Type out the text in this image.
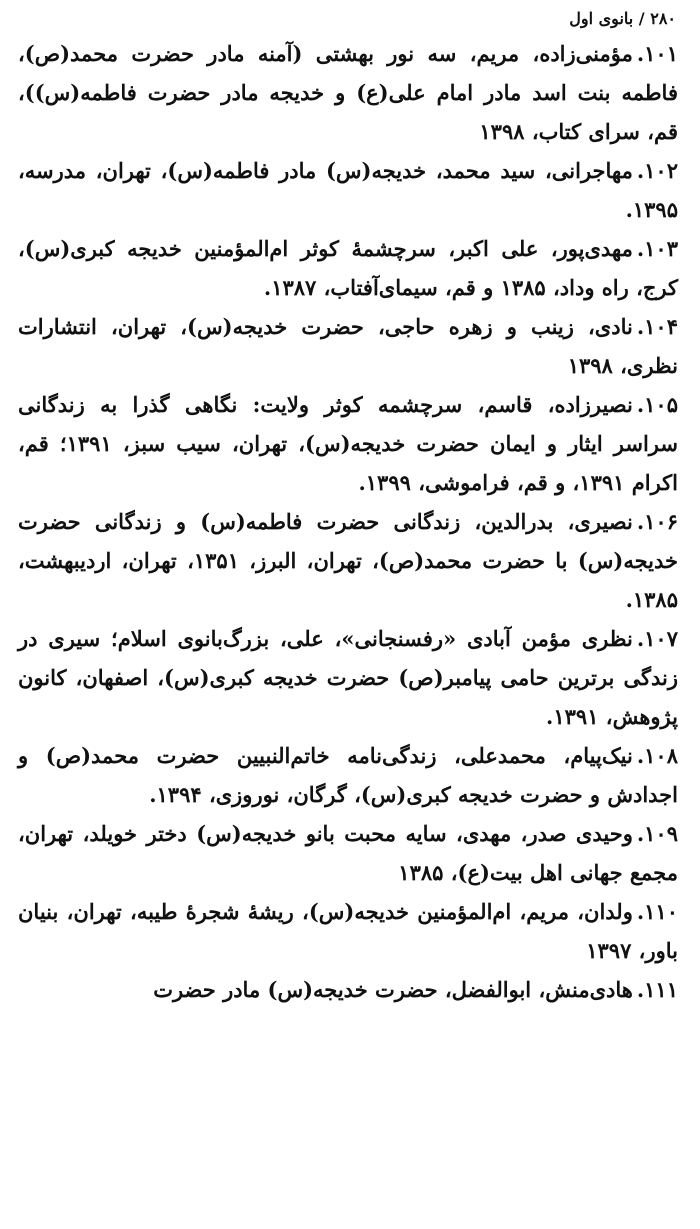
۲۸۰ / بانوی اول
۱۰۱ .مؤمنی‌زاده، مریم، سه نور بهشتی (آمنه مادر حضرت محمد(ص)، فاطمه بنت اسد مادر امام علی(ع) و خدیجه مادر حضرت فاطمه(س))، قم، سرای کتاب، ۱۳۹۸
۱۰۲ .مهاجرانی، سید محمد، خدیجه(س) مادر فاطمه(س)، تهران، مدرسه، ۱۳۹۵.
۱۰۳ .مهدی‌پور، علی اکبر، سرچشمهٔ کوثر ام‌المؤمنین خدیجه کبری(س)، کرج، راه وداد، ۱۳۸۵ و قم، سیمای‌آفتاب، ۱۳۸۷.
۱۰۴ .نادی، زینب و زهره حاجی، حضرت خدیجه(س)، تهران، انتشارات نظری، ۱۳۹۸
۱۰۵ .نصیرزاده، قاسم، سرچشمه کوثر ولایت: نگاهی گذرا به زندگانی سراسر ایثار و ایمان حضرت خدیجه(س)، تهران، سیب سبز، ۱۳۹۱؛ قم، اکرام ۱۳۹۱، و قم، فراموشی، ۱۳۹۹.
۱۰۶ .نصیری، بدرالدین، زندگانی حضرت فاطمه(س) و زندگانی حضرت خدیجه(س) با حضرت محمد(ص)، تهران، البرز، ۱۳۵۱، تهران، اردیبهشت، ۱۳۸۵.
۱۰۷ .نظری مؤمن آبادی «رفسنجانی»، علی، بزرگ‌بانوی اسلام؛ سیری در زندگی برترین حامی پیامبر(ص) حضرت خدیجه کبری(س)، اصفهان، کانون پژوهش، ۱۳۹۱.
۱۰۸ .نیک‌پیام، محمدعلی، زندگی‌نامه خاتم‌النبیین حضرت محمد(ص) و اجدادش و حضرت خدیجه کبری(س)، گرگان، نوروزی، ۱۳۹۴.
۱۰۹ .وحیدی صدر، مهدی، سایه محبت بانو خدیجه(س) دختر خویلد، تهران، مجمع جهانی اهل بیت(ع)، ۱۳۸۵
۱۱۰ .ولدان، مریم، ام‌المؤمنین خدیجه(س)، ریشهٔ شجرهٔ طیبه، تهران، بنیان باور، ۱۳۹۷
۱۱۱ .هادی‌منش، ابوالفضل، حضرت خدیجه(س) مادر حضرت
